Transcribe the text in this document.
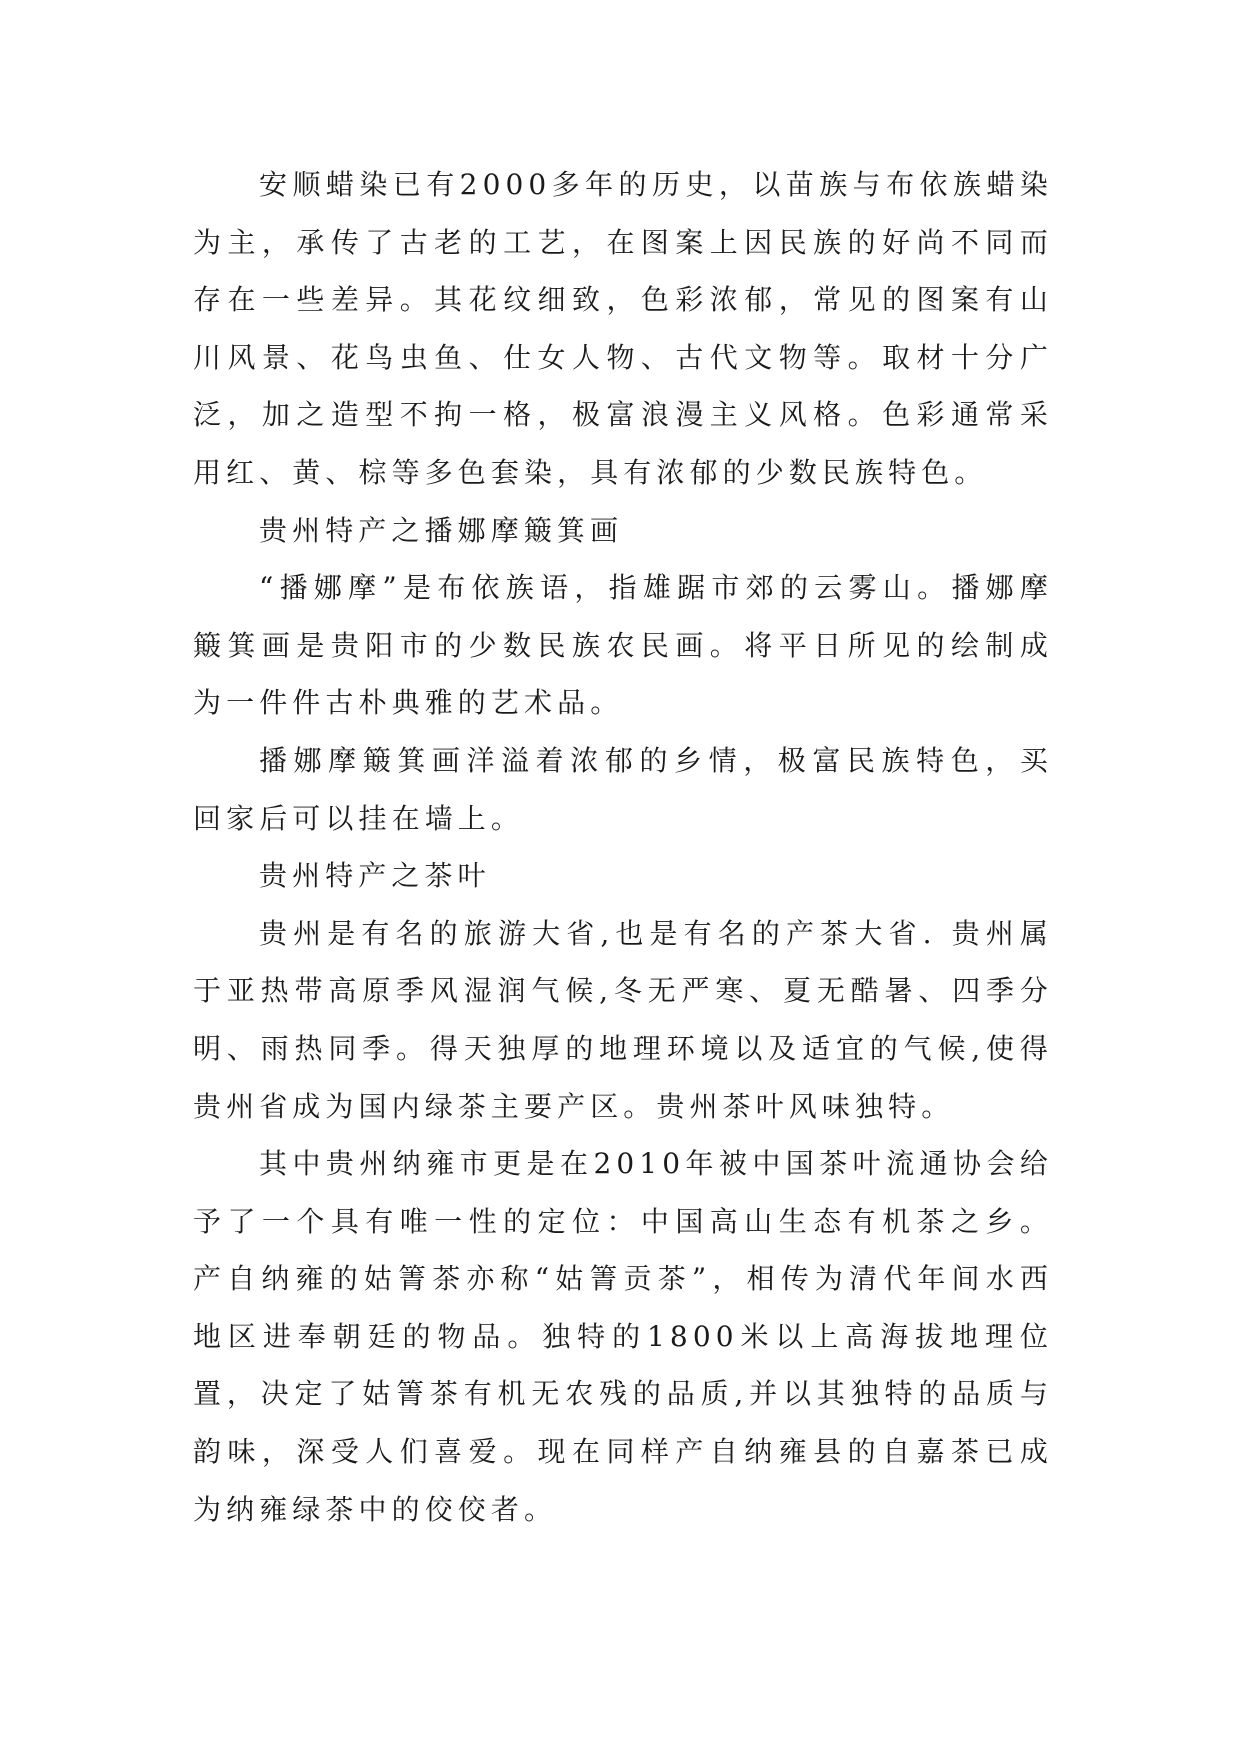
安顺蜡染已有2000多年的历史，以苗族与布依族蜡染为主，承传了古老的工艺，在图案上因民族的好尚不同而存在一些差异。其花纹细致，色彩浓郁，常见的图案有山川风景、花鸟虫鱼、仕女人物、古代文物等。取材十分广泛，加之造型不拘一格，极富浪漫主义风格。色彩通常采用红、黄、棕等多色套染，具有浓郁的少数民族特色。

贵州特产之播娜摩簸箕画

“播娜摩”是布依族语，指雄踞市郊的云雾山。播娜摩簸箕画是贵阳市的少数民族农民画。将平日所见的绘制成为一件件古朴典雅的艺术品。

播娜摩簸箕画洋溢着浓郁的乡情，极富民族特色，买回家后可以挂在墙上。

贵州特产之茶叶

贵州是有名的旅游大省,也是有名的产茶大省. 贵州属于亚热带高原季风湿润气候,冬无严寒、夏无酷暑、四季分明、雨热同季。得天独厚的地理环境以及适宜的气候,使得贵州省成为国内绿茶主要产区。贵州茶叶风味独特。

其中贵州纳雍市更是在2010年被中国茶叶流通协会给予了一个具有唯一性的定位：中国高山生态有机茶之乡。产自纳雍的姑箐茶亦称“姑箐贡茶”，相传为清代年间水西地区进奉朝廷的物品。独特的1800米以上高海拔地理位置，决定了姑箐茶有机无农残的品质,并以其独特的品质与韵味，深受人们喜爱。现在同样产自纳雍县的自嘉茶已成为纳雍绿茶中的佼佼者。
